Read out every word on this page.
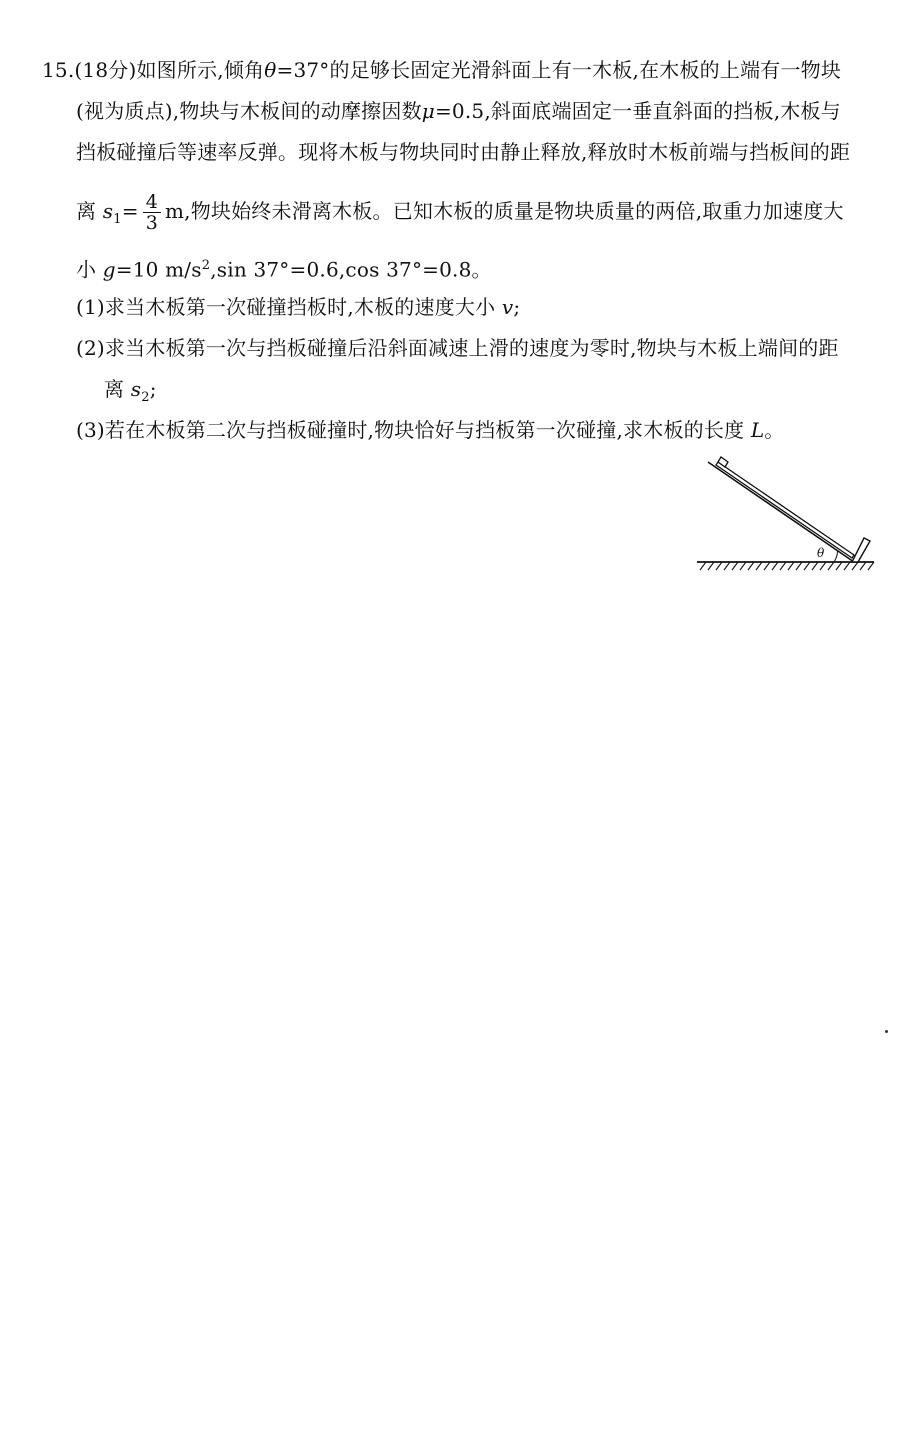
15.(18分)如图所示,倾角θ=37°的足够长固定光滑斜面上有一木板,在木板的上端有一物块
(视为质点),物块与木板间的动摩擦因数μ=0.5,斜面底端固定一垂直斜面的挡板,木板与
挡板碰撞后等速率反弹。现将木板与物块同时由静止释放,释放时木板前端与挡板间的距
离 $s_1= \frac{4}{3} m$,物块始终未滑离木板。已知木板的质量是物块质量的两倍,取重力加速度大
小 g=10 $m/s^2,\sin$ 37°=0.6,cos 37°=0.8。
(1)求当木板第一次碰撞挡板时,木板的速度大小 v;
(2)求当木板第一次与挡板碰撞后沿斜面减速上滑的速度为零时,物块与木板上端间的距
离 $s_2$;
(3)若在木板第二次与挡板碰撞时,物块恰好与挡板第一次碰撞,求木板的长度 L。
θ
